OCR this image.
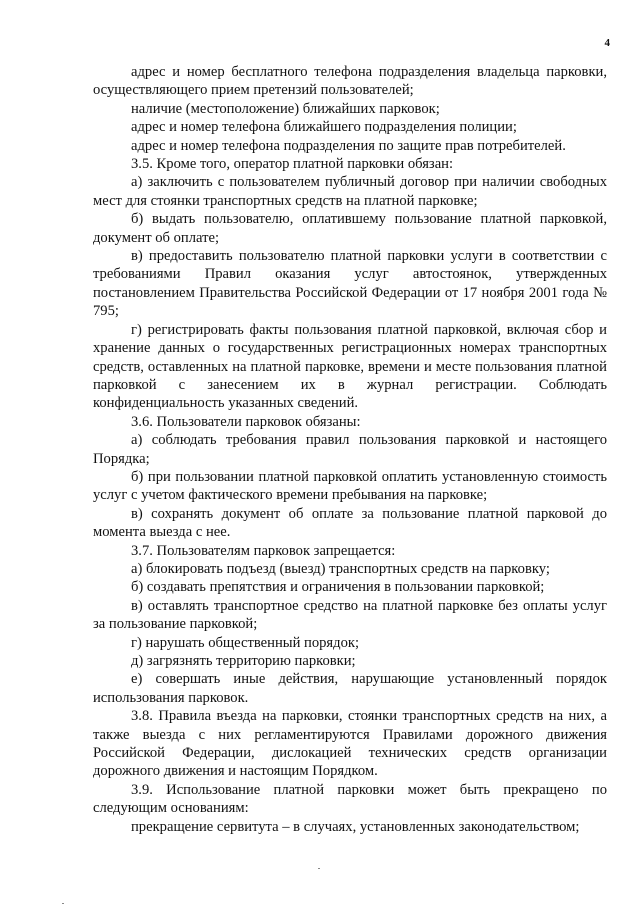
4

адрес и номер бесплатного телефона подразделения владельца парковки, осуществляющего прием претензий пользователей;

наличие (местоположение) ближайших парковок;

адрес и номер телефона ближайшего подразделения полиции;

адрес и номер телефона подразделения по защите прав потребителей.

3.5. Кроме того, оператор платной парковки обязан:

а) заключить с пользователем публичный договор при наличии свободных мест для стоянки транспортных средств на платной парковке;

б) выдать пользователю, оплатившему пользование платной парковкой, документ об оплате;

в) предоставить пользователю платной парковки услуги в соответствии с требованиями Правил оказания услуг автостоянок, утвержденных постановлением Правительства Российской Федерации от 17 ноября 2001 года № 795;

г) регистрировать факты пользования платной парковкой, включая сбор и хранение данных о государственных регистрационных номерах транспортных средств, оставленных на платной парковке, времени и месте пользования платной парковкой с занесением их в журнал регистрации. Соблюдать конфиденциальность указанных сведений.

3.6. Пользователи парковок обязаны:

а) соблюдать требования правил пользования парковкой и настоящего Порядка;

б) при пользовании платной парковкой оплатить установленную стоимость услуг с учетом фактического времени пребывания на парковке;

в) сохранять документ об оплате за пользование платной парковой до момента выезда с нее.

3.7. Пользователям парковок запрещается:

а) блокировать подъезд (выезд) транспортных средств на парковку;

б) создавать препятствия и ограничения в пользовании парковкой;

в) оставлять транспортное средство на платной парковке без оплаты услуг за пользование парковкой;

г) нарушать общественный порядок;

д) загрязнять территорию парковки;

е) совершать иные действия, нарушающие установленный порядок использования парковок.

3.8. Правила въезда на парковки, стоянки транспортных средств на них, а также выезда с них регламентируются Правилами дорожного движения Российской Федерации, дислокацией технических средств организации дорожного движения и настоящим Порядком.

3.9. Использование платной парковки может быть прекращено по следующим основаниям:

прекращение сервитута – в случаях, установленных законодательством;
